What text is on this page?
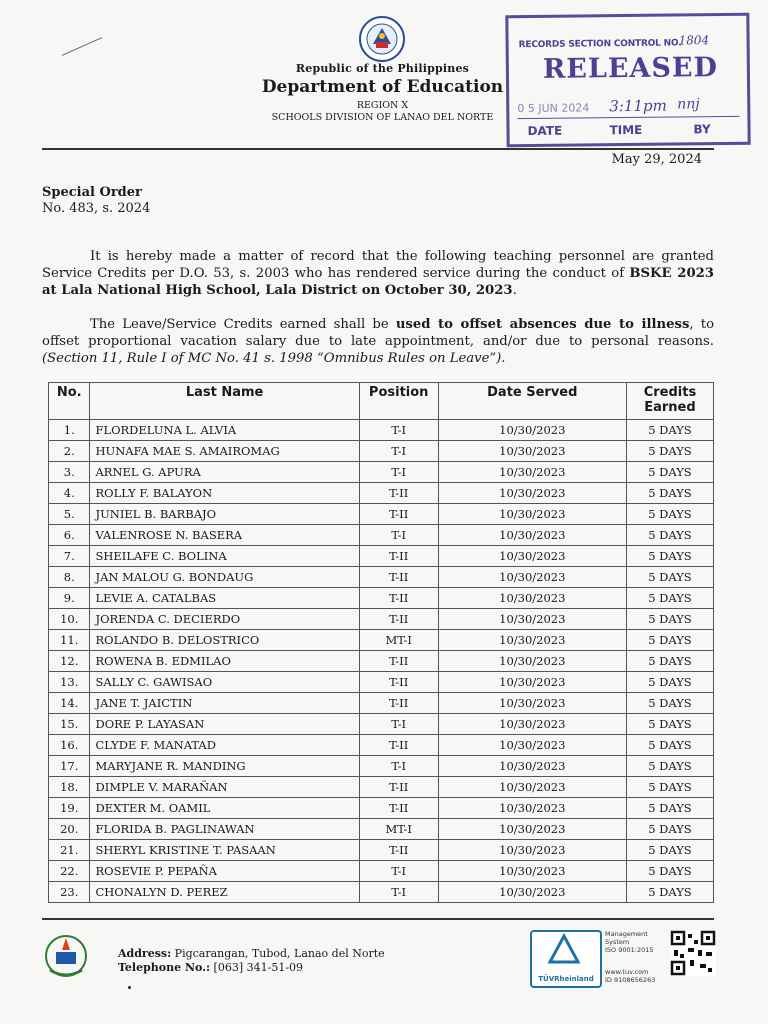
Republic of the Philippines
Department of Education
REGION X
SCHOOLS DIVISION OF LANAO DEL NORTE
RECORDS SECTION CONTROL NO.
1804
RELEASED
0 5 JUN 2024 3:11pm nnj
DATE	TIME	BY
May 29, 2024
Special Order
No. 483, s. 2024

It is hereby made a matter of record that the following teaching personnel are granted Service Credits per D.O. 53, s. 2003 who has rendered service during the conduct of BSKE 2023 at Lala National High School, Lala District on October 30, 2023.

The Leave/Service Credits earned shall be used to offset absences due to illness, to offset proportional vacation salary due to late appointment, and/or due to personal reasons. (Section 11, Rule I of MC No. 41 s. 1998 “Omnibus Rules on Leave”).

No.	Last Name	Position	Date Served	Credits Earned
1.	FLORDELUNA L. ALVIA	T-I	10/30/2023	5 DAYS
2.	HUNAFA MAE S. AMAIROMAG	T-I	10/30/2023	5 DAYS
3.	ARNEL G. APURA	T-I	10/30/2023	5 DAYS
4.	ROLLY F. BALAYON	T-II	10/30/2023	5 DAYS
5.	JUNIEL B. BARBAJO	T-II	10/30/2023	5 DAYS
6.	VALENROSE N. BASERA	T-I	10/30/2023	5 DAYS
7.	SHEILAFE C. BOLINA	T-II	10/30/2023	5 DAYS
8.	JAN MALOU G. BONDAUG	T-II	10/30/2023	5 DAYS
9.	LEVIE A. CATALBAS	T-II	10/30/2023	5 DAYS
10.	JORENDA C. DECIERDO	T-II	10/30/2023	5 DAYS
11.	ROLANDO B. DELOSTRICO	MT-I	10/30/2023	5 DAYS
12.	ROWENA B. EDMILAO	T-II	10/30/2023	5 DAYS
13.	SALLY C. GAWISAO	T-II	10/30/2023	5 DAYS
14.	JANE T. JAICTIN	T-II	10/30/2023	5 DAYS
15.	DORE P. LAYASAN	T-I	10/30/2023	5 DAYS
16.	CLYDE F. MANATAD	T-II	10/30/2023	5 DAYS
17.	MARYJANE R. MANDING	T-I	10/30/2023	5 DAYS
18.	DIMPLE V. MARAÑAN	T-II	10/30/2023	5 DAYS
19.	DEXTER M. OAMIL	T-II	10/30/2023	5 DAYS
20.	FLORIDA B. PAGLINAWAN	MT-I	10/30/2023	5 DAYS
21.	SHERYL KRISTINE T. PASAAN	T-II	10/30/2023	5 DAYS
22.	ROSEVIE P. PEPAÑA	T-I	10/30/2023	5 DAYS
23.	CHONALYN D. PEREZ	T-I	10/30/2023	5 DAYS
Address: Pigcarangan, Tubod, Lanao del Norte
Telephone No.: [063] 341-51-09
TÜVRheinland
Management
System
ISO 9001:2015
www.tuv.com
ID 9108656263
